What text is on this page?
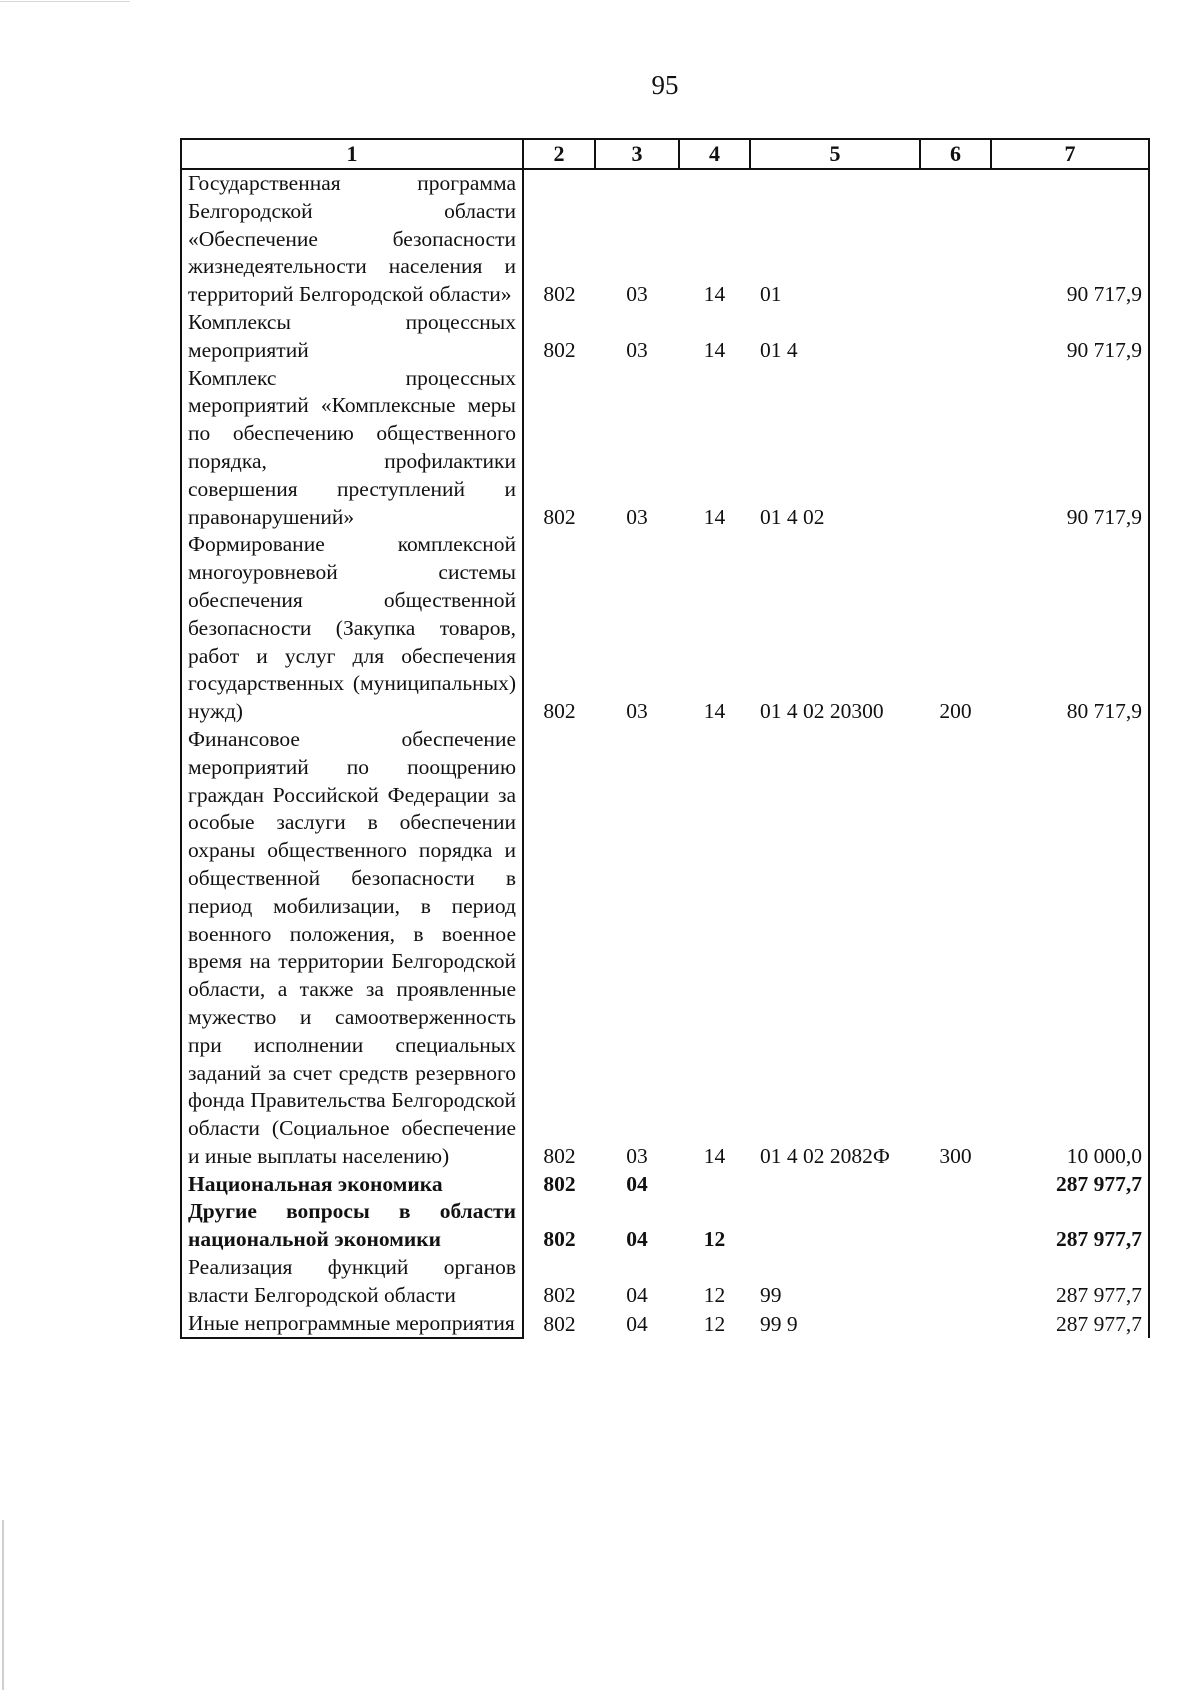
95
1	2	3	4	5	6	7

Государственная программа Белгородской области «Обеспечение безопасности жизнедеятельности населения и территорий Белгородской области»	802	03	14	01		90 717,9

Комплексы процессных мероприятий	802	03	14	01 4		90 717,9

Комплекс процессных мероприятий «Комплексные меры по обеспечению общественного порядка, профилактики совершения преступлений и правонарушений»	802	03	14	01 4 02		90 717,9

Формирование комплексной многоуровневой системы обеспечения общественной безопасности (Закупка товаров, работ и услуг для обеспечения государственных (муниципальных) нужд)	802	03	14	01 4 02 20300	200	80 717,9

Финансовое обеспечение мероприятий по поощрению граждан Российской Федерации за особые заслуги в обеспечении охраны общественного порядка и общественной безопасности в период мобилизации, в период военного положения, в военное время на территории Белгородской области, а также за проявленные мужество и самоотверженность при исполнении специальных заданий за счет средств резервного фонда Правительства Белгородской области (Социальное обеспечение и иные выплаты населению)	802	03	14	01 4 02 2082Ф	300	10 000,0

Национальная экономика	802	04				287 977,7

Другие вопросы в области национальной экономики	802	04	12			287 977,7

Реализация функций органов власти Белгородской области	802	04	12	99		287 977,7

Иные непрограммные мероприятия	802	04	12	99 9		287 977,7
